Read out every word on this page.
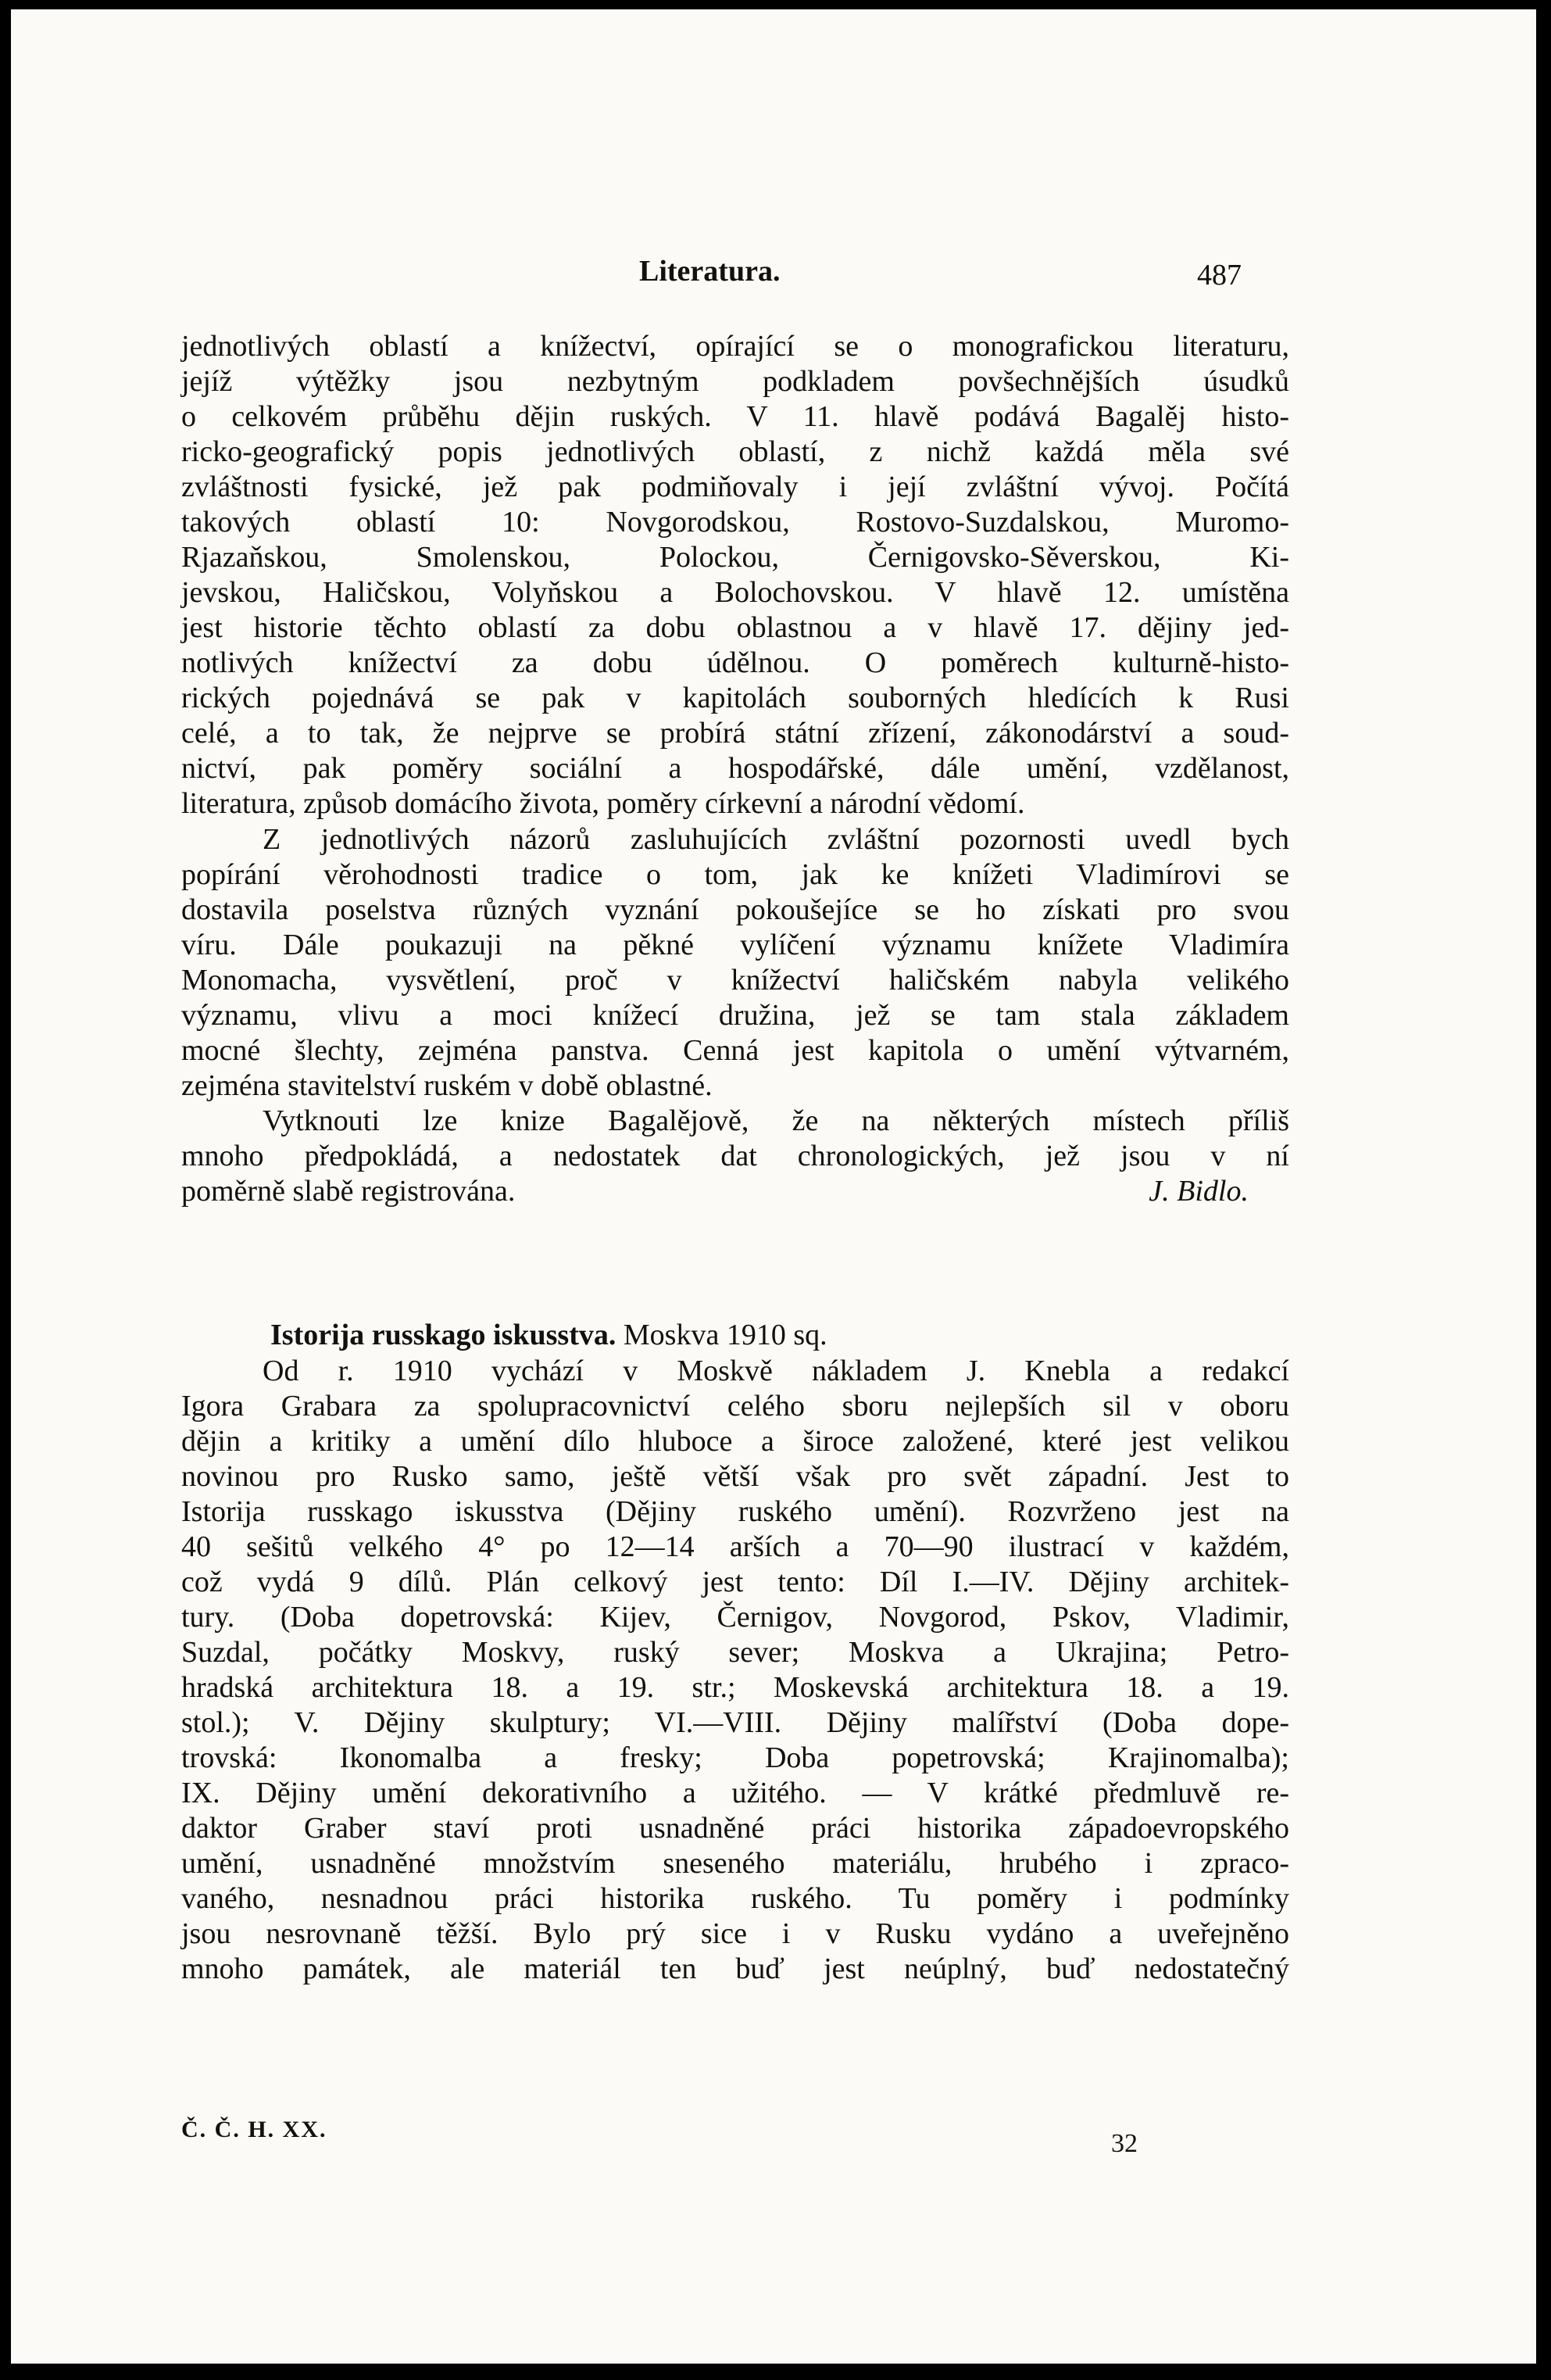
Literatura.	487
jednotlivých oblastí a knížectví, opírající se o monografickou literaturu,
jejíž výtěžky jsou nezbytným podkladem povšechnějších úsudků
o celkovém průběhu dějin ruských. V 11. hlavě podává Bagalěj histo-
ricko-geografický popis jednotlivých oblastí, z nichž každá měla své
zvláštnosti fysické, jež pak podmiňovaly i její zvláštní vývoj. Počítá
takových oblastí 10: Novgorodskou, Rostovo-Suzdalskou, Muromo-
Rjazaňskou, Smolenskou, Polockou, Černigovsko-Sěverskou, Ki-
jevskou, Haličskou, Volyňskou a Bolochovskou. V hlavě 12. umístěna
jest historie těchto oblastí za dobu oblastnou a v hlavě 17. dějiny jed-
notlivých knížectví za dobu údělnou. O poměrech kulturně-histo-
rických pojednává se pak v kapitolách souborných hledících k Rusi
celé, a to tak, že nejprve se probírá státní zřízení, zákonodárství a soud-
nictví, pak poměry sociální a hospodářské, dále umění, vzdělanost,
literatura, způsob domácího života, poměry církevní a národní vědomí.
Z jednotlivých názorů zasluhujících zvláštní pozornosti uvedl bych
popírání věrohodnosti tradice o tom, jak ke knížeti Vladimírovi se
dostavila poselstva různých vyznání pokoušejíce se ho získati pro svou
víru. Dále poukazuji na pěkné vylíčení významu knížete Vladimíra
Monomacha, vysvětlení, proč v knížectví haličském nabyla velikého
významu, vlivu a moci knížecí družina, jež se tam stala základem
mocné šlechty, zejména panstva. Cenná jest kapitola o umění výtvarném,
zejména stavitelství ruském v době oblastné.
Vytknouti lze knize Bagalějově, že na některých místech příliš
mnoho předpokládá, a nedostatek dat chronologických, jež jsou v ní
poměrně slabě registrována.	J. Bidlo.
Istorija russkago iskusstva. Moskva 1910 sq.
Od r. 1910 vychází v Moskvě nákladem J. Knebla a redakcí
Igora Grabara za spolupracovnictví celého sboru nejlepších sil v oboru
dějin a kritiky a umění dílo hluboce a široce založené, které jest velikou
novinou pro Rusko samo, ještě větší však pro svět západní. Jest to
Istorija russkago iskusstva (Dějiny ruského umění). Rozvrženo jest na
40 sešitů velkého 4° po 12—14 arších a 70—90 ilustrací v každém,
což vydá 9 dílů. Plán celkový jest tento: Díl I.—IV. Dějiny architek-
tury. (Doba dopetrovská: Kijev, Černigov, Novgorod, Pskov, Vladimir,
Suzdal, počátky Moskvy, ruský sever; Moskva a Ukrajina; Petro-
hradská architektura 18. a 19. str.; Moskevská architektura 18. a 19.
stol.); V. Dějiny skulptury; VI.—VIII. Dějiny malířství (Doba dope-
trovská: Ikonomalba a fresky; Doba popetrovská; Krajinomalba);
IX. Dějiny umění dekorativního a užitého. — V krátké předmluvě re-
daktor Graber staví proti usnadněné práci historika západoevropského
umění, usnadněné množstvím sneseného materiálu, hrubého i zpraco-
vaného, nesnadnou práci historika ruského. Tu poměry i podmínky
jsou nesrovnaně těžší. Bylo prý sice i v Rusku vydáno a uveřejněno
mnoho památek, ale materiál ten buď jest neúplný, buď nedostatečný
Č. Č. H. XX.	32
